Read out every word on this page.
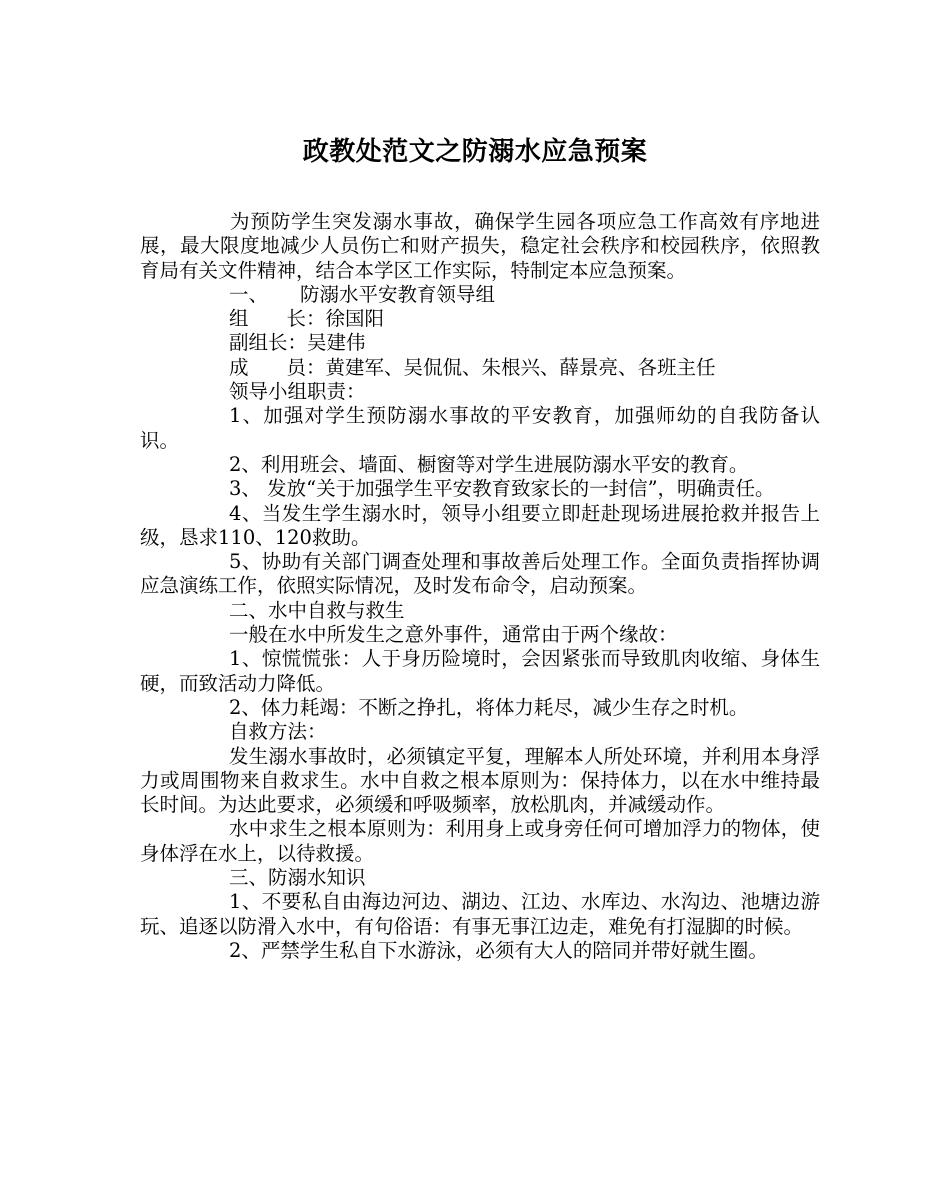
政教处范文之防溺水应急预案

为预防学生突发溺水事故，确保学生园各项应急工作高效有序地进展，最大限度地减少人员伤亡和财产损失，稳定社会秩序和校园秩序，依照教育局有关文件精神，结合本学区工作实际，特制定本应急预案。

一、 防溺水平安教育领导组
组 长：徐国阳
副组长：吴建伟
成 员：黄建军、吴侃侃、朱根兴、薛景亮、各班主任
领导小组职责：

1、加强对学生预防溺水事故的平安教育，加强师幼的自我防备认识。

2、利用班会、墙面、橱窗等对学生进展防溺水平安的教育。

3、 发放“关于加强学生平安教育致家长的一封信”，明确责任。

4、当发生学生溺水时，领导小组要立即赶赴现场进展抢救并报告上级，恳求110、120救助。

5、协助有关部门调查处理和事故善后处理工作。全面负责指挥协调应急演练工作，依照实际情况，及时发布命令，启动预案。

二、水中自救与救生
一般在水中所发生之意外事件，通常由于两个缘故：

1、惊慌慌张：人于身历险境时，会因紧张而导致肌肉收缩、身体生硬，而致活动力降低。

2、体力耗竭：不断之挣扎，将体力耗尽，减少生存之时机。

自救方法：

发生溺水事故时，必须镇定平复，理解本人所处环境，并利用本身浮力或周围物来自救求生。水中自救之根本原则为：保持体力，以在水中维持最长时间。为达此要求，必须缓和呼吸频率，放松肌肉，并减缓动作。

水中求生之根本原则为：利用身上或身旁任何可增加浮力的物体，使身体浮在水上，以待救援。

三、防溺水知识

1、不要私自由海边河边、湖边、江边、水库边、水沟边、池塘边游玩、追逐以防滑入水中，有句俗语：有事无事江边走，难免有打湿脚的时候。

2、严禁学生私自下水游泳，必须有大人的陪同并带好就生圈。
